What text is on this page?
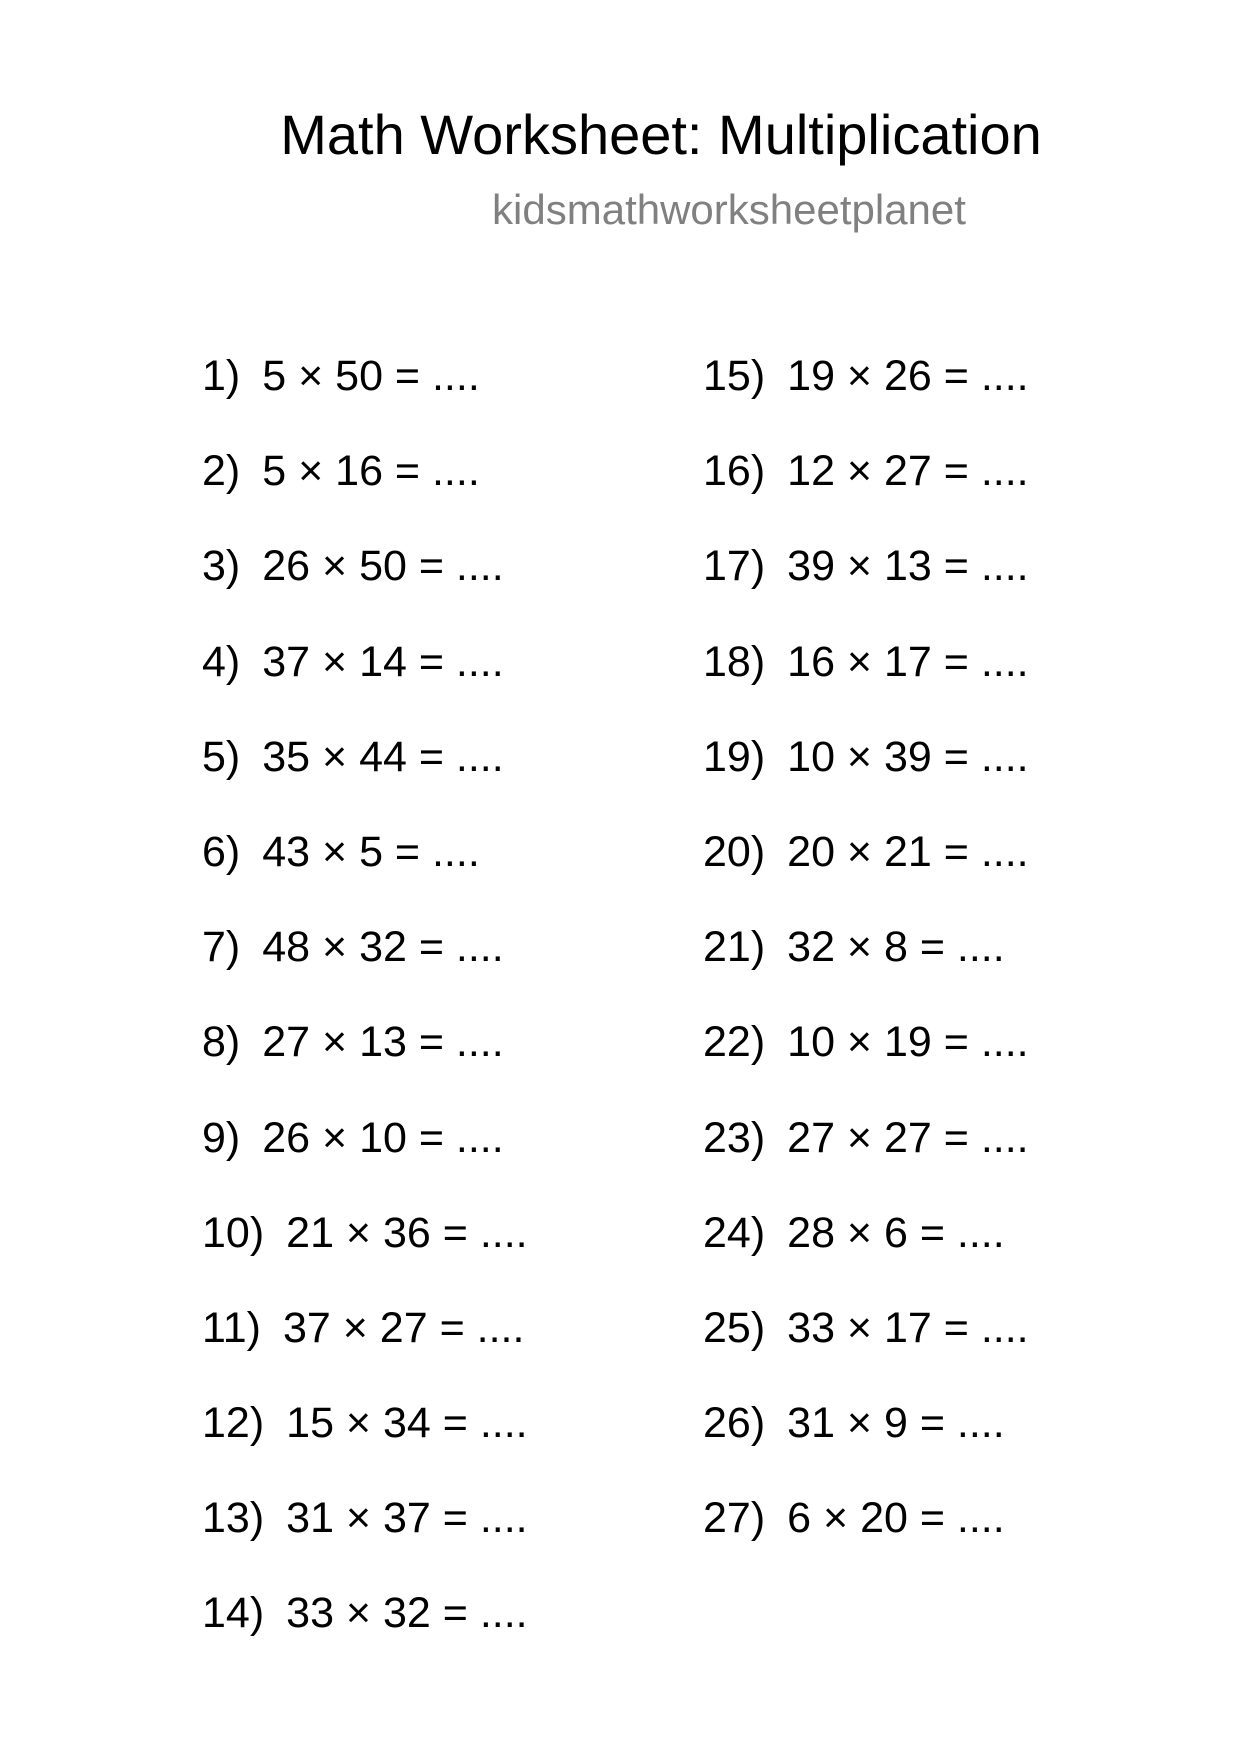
Math Worksheet: Multiplication
kidsmathworksheetplanet
1) 5 × 50 = ....
2) 5 × 16 = ....
3) 26 × 50 = ....
4) 37 × 14 = ....
5) 35 × 44 = ....
6) 43 × 5 = ....
7) 48 × 32 = ....
8) 27 × 13 = ....
9) 26 × 10 = ....
10) 21 × 36 = ....
11) 37 × 27 = ....
12) 15 × 34 = ....
13) 31 × 37 = ....
14) 33 × 32 = ....
15) 19 × 26 = ....
16) 12 × 27 = ....
17) 39 × 13 = ....
18) 16 × 17 = ....
19) 10 × 39 = ....
20) 20 × 21 = ....
21) 32 × 8 = ....
22) 10 × 19 = ....
23) 27 × 27 = ....
24) 28 × 6 = ....
25) 33 × 17 = ....
26) 31 × 9 = ....
27) 6 × 20 = ....
